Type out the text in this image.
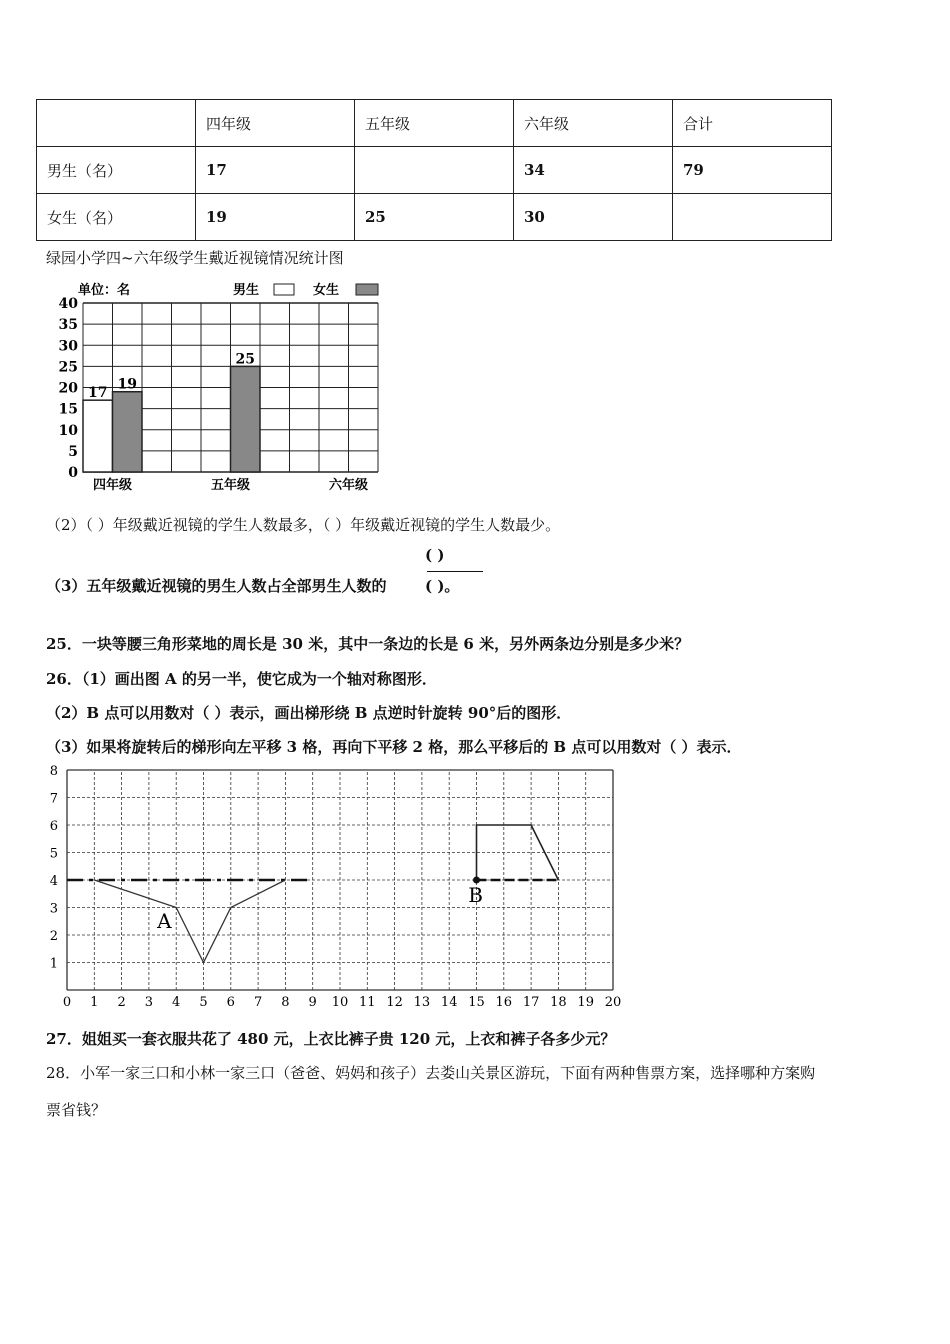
	四年级	五年级	六年级	合计
男生（名）	17		34	79
女生（名）	19	25	30	
绿园小学四~六年级学生戴近视镜情况统计图
40
35
30
25
20
15
10
5
0
单位：名	男生	女生
四年级
17
19
五年级
25
六年级
（2）（ ）年级戴近视镜的学生人数最多，（ ）年级戴近视镜的学生人数最少。
( )
（3）五年级戴近视镜的男生人数占全部男生人数的	( )。
25．一块等腰三角形菜地的周长是 30 米，其中一条边的长是 6 米，另外两条边分别是多少米？
26．（1）画出图 A 的另一半，使它成为一个轴对称图形．
（2）B 点可以用数对（ ）表示，画出梯形绕 B 点逆时针旋转 90°后的图形．
（3）如果将旋转后的梯形向左平移 3 格，再向下平移 2 格，那么平移后的 B 点可以用数对（ ）表示．
0 1 2 3 4 5 6 7 8 9 10 11 12 13 14 15 16 17 18 19 20
1
2
3
4
5
6
7
8
A
B
27．姐姐买一套衣服共花了 480 元，上衣比裤子贵 120 元，上衣和裤子各多少元？
28．小军一家三口和小林一家三口（爸爸、妈妈和孩子）去娄山关景区游玩，下面有两种售票方案，选择哪种方案购
票省钱？
